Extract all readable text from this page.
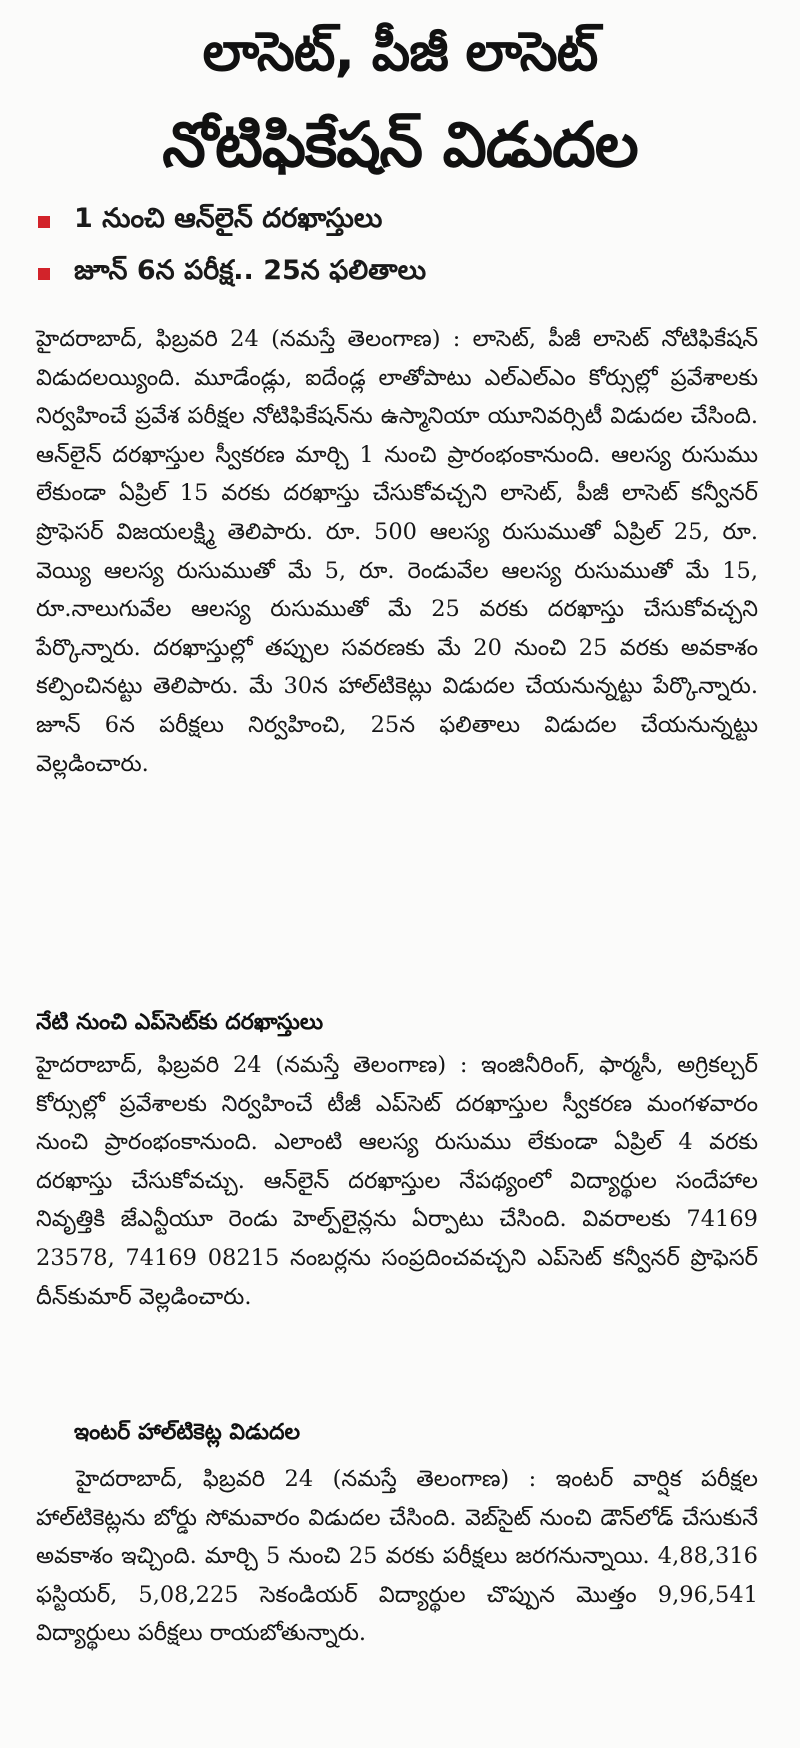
లాసెట్, పీజీ లాసెట్
నోటిఫికేషన్ విడుదల
1 నుంచి ఆన్‌లైన్ దరఖాస్తులు
జూన్ 6న పరీక్ష.. 25న ఫలితాలు

హైదరాబాద్, ఫిబ్రవరి 24 (నమస్తే తెలంగాణ) : లాసెట్, పీజీ లాసెట్ నోటిఫికేషన్ విడుదలయ్యింది. మూడేండ్లు, ఐదేండ్ల లాతోపాటు ఎల్ఎల్ఎం కోర్సుల్లో ప్రవేశాలకు నిర్వహించే ప్రవేశ పరీక్షల నోటిఫికేషన్‌ను ఉస్మానియా యూనివర్సిటీ విడుదల చేసింది. ఆన్‌లైన్ దరఖాస్తుల స్వీకరణ మార్చి 1 నుంచి ప్రారంభంకానుంది. ఆలస్య రుసుము లేకుండా ఏప్రిల్ 15 వరకు దరఖాస్తు చేసుకోవచ్చని లాసెట్, పీజీ లాసెట్ కన్వీనర్ ప్రొఫెసర్ విజయలక్ష్మి తెలిపారు. రూ. 500 ఆలస్య రుసుముతో ఏప్రిల్ 25, రూ. వెయ్యి ఆలస్య రుసుముతో మే 5, రూ. రెండువేల ఆలస్య రుసుముతో మే 15, రూ.నాలుగువేల ఆలస్య రుసుముతో మే 25 వరకు దరఖాస్తు చేసుకోవచ్చని పేర్కొన్నారు. దరఖాస్తుల్లో తప్పుల సవరణకు మే 20 నుంచి 25 వరకు అవకాశం కల్పించినట్టు తెలిపారు. మే 30న హాల్‌టికెట్లు విడుదల చేయనున్నట్టు పేర్కొన్నారు. జూన్ 6న పరీక్షలు నిర్వహించి, 25న ఫలితాలు విడుదల చేయనున్నట్టు వెల్లడించారు.

నేటి నుంచి ఎప్‌సెట్‌కు దరఖాస్తులు

హైదరాబాద్, ఫిబ్రవరి 24 (నమస్తే తెలంగాణ) : ఇంజినీరింగ్, ఫార్మసీ, అగ్రికల్చర్ కోర్సుల్లో ప్రవేశాలకు నిర్వహించే టీజీ ఎప్‌సెట్ దరఖాస్తుల స్వీకరణ మంగళవారం నుంచి ప్రారంభంకానుంది. ఎలాంటి ఆలస్య రుసుము లేకుండా ఏప్రిల్ 4 వరకు దరఖాస్తు చేసుకోవచ్చు. ఆన్‌లైన్ దరఖాస్తుల నేపథ్యంలో విద్యార్థుల సందేహాల నివృత్తికి జేఎన్టీయూ రెండు హెల్ప్‌లైన్లను ఏర్పాటు చేసింది. వివరాలకు 74169 23578, 74169 08215 నంబర్లను సంప్రదించవచ్చని ఎప్‌సెట్ కన్వీనర్ ప్రొఫెసర్ దీన్‌కుమార్ వెల్లడించారు.

ఇంటర్ హాల్‌టికెట్ల విడుదల

హైదరాబాద్, ఫిబ్రవరి 24 (నమస్తే తెలంగాణ) : ఇంటర్ వార్షిక పరీక్షల హాల్‌టికెట్లను బోర్డు సోమవారం విడుదల చేసింది. వెబ్‌సైట్ నుంచి డౌన్‌లోడ్ చేసుకునే అవకాశం ఇచ్చింది. మార్చి 5 నుంచి 25 వరకు పరీక్షలు జరగనున్నాయి. 4,88,316 ఫస్టియర్, 5,08,225 సెకండియర్ విద్యార్థుల చొప్పున మొత్తం 9,96,541 విద్యార్థులు పరీక్షలు రాయబోతున్నారు.
